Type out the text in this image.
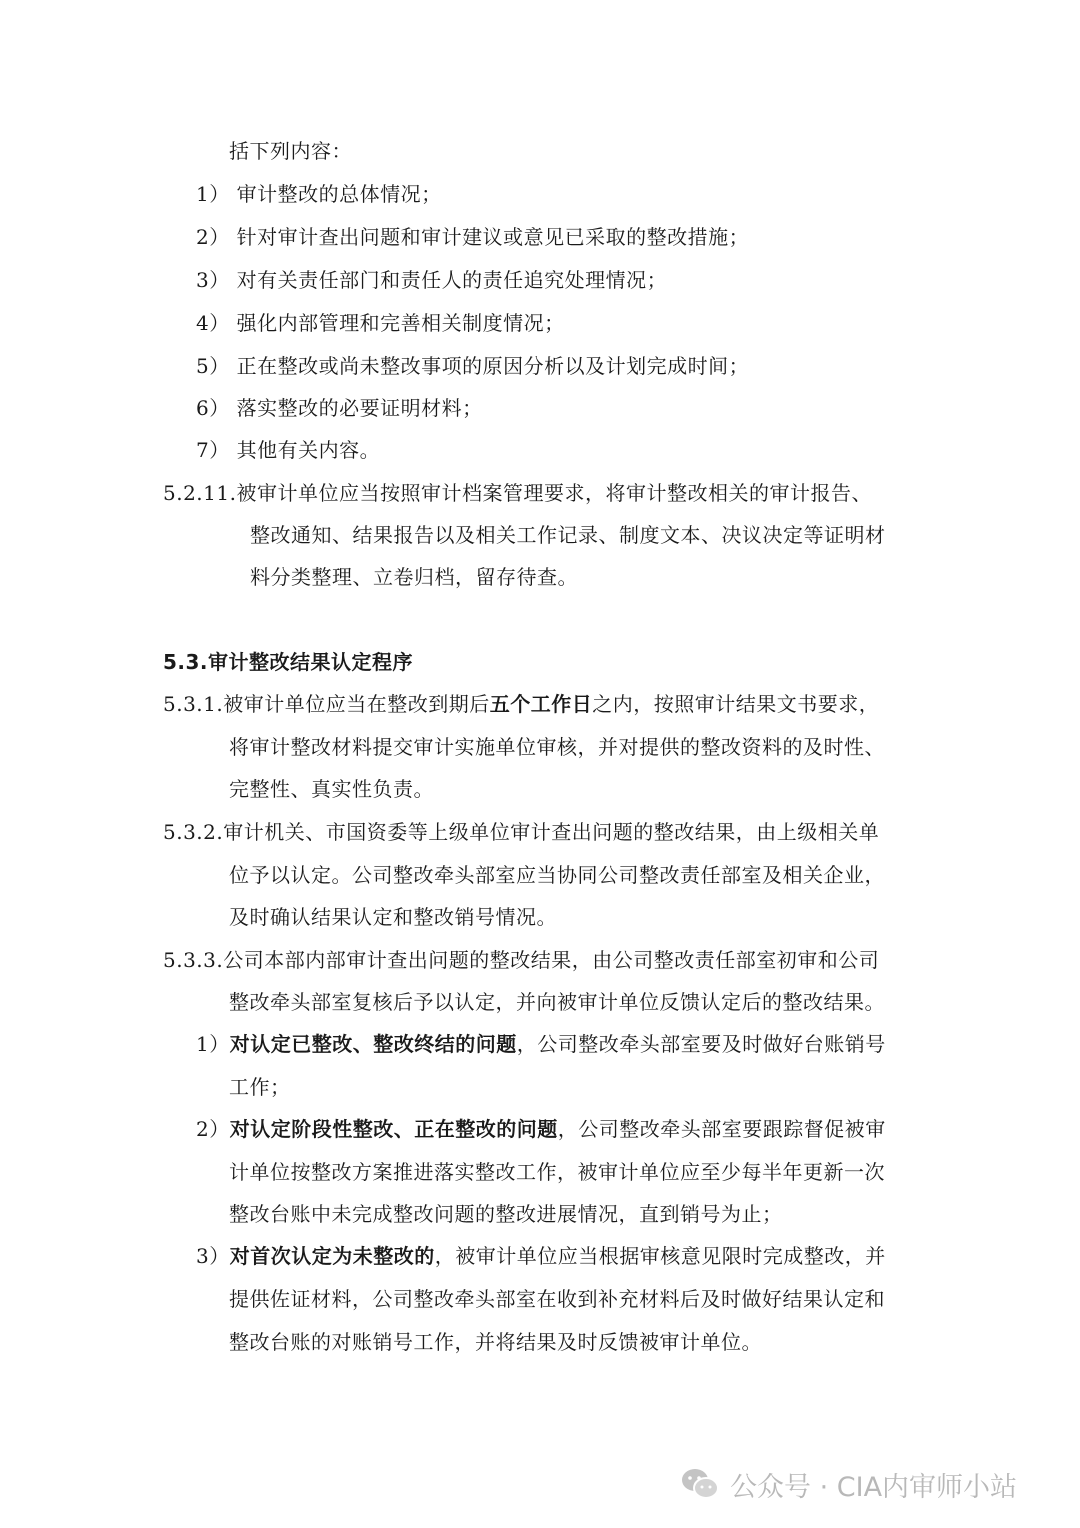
括下列内容：
1） 审计整改的总体情况；
2） 针对审计查出问题和审计建议或意见已采取的整改措施；
3） 对有关责任部门和责任人的责任追究处理情况；
4） 强化内部管理和完善相关制度情况；
5） 正在整改或尚未整改事项的原因分析以及计划完成时间；
6） 落实整改的必要证明材料；
7） 其他有关内容。
5.2.11.被审计单位应当按照审计档案管理要求，将审计整改相关的审计报告、
整改通知、结果报告以及相关工作记录、制度文本、决议决定等证明材
料分类整理、立卷归档，留存待查。
5.3.审计整改结果认定程序
5.3.1.被审计单位应当在整改到期后五个工作日之内，按照审计结果文书要求，
将审计整改材料提交审计实施单位审核，并对提供的整改资料的及时性、
完整性、真实性负责。
5.3.2.审计机关、市国资委等上级单位审计查出问题的整改结果，由上级相关单
位予以认定。公司整改牵头部室应当协同公司整改责任部室及相关企业，
及时确认结果认定和整改销号情况。
5.3.3.公司本部内部审计查出问题的整改结果，由公司整改责任部室初审和公司
整改牵头部室复核后予以认定，并向被审计单位反馈认定后的整改结果。
1）对认定已整改、整改终结的问题，公司整改牵头部室要及时做好台账销号
工作；
2）对认定阶段性整改、正在整改的问题，公司整改牵头部室要跟踪督促被审
计单位按整改方案推进落实整改工作，被审计单位应至少每半年更新一次
整改台账中未完成整改问题的整改进展情况，直到销号为止；
3）对首次认定为未整改的，被审计单位应当根据审核意见限时完成整改，并
提供佐证材料，公司整改牵头部室在收到补充材料后及时做好结果认定和
整改台账的对账销号工作，并将结果及时反馈被审计单位。
公众号 · CIA内审师小站
